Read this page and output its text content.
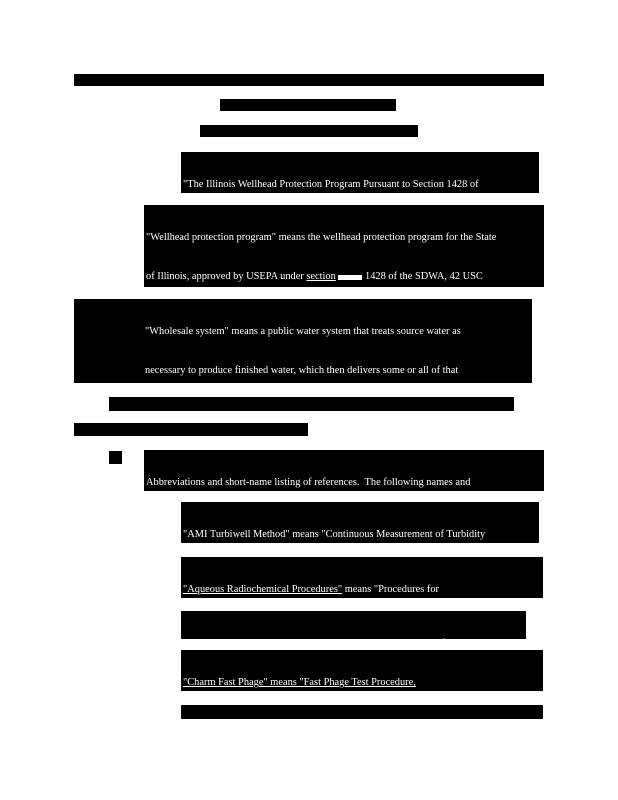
"The Illinois Wellhead Protection Program Pursuant to Section 1428 of

"Wellhead protection program" means the wellhead protection program for the State

of Illinois, approved by USEPA under section	1428 of the SDWA, 42 USC

"Wholesale system" means a public water system that treats source water as

necessary to produce finished water, which then delivers some or all of that

Abbreviations and short-name listing of references.  The following names and

"AMI Turbiwell Method" means "Continuous Measurement of Turbidity

"Aqueous Radiochemical Procedures" means "Procedures for

"Charm Fast Phage" means "Fast Phage Test Procedure,
